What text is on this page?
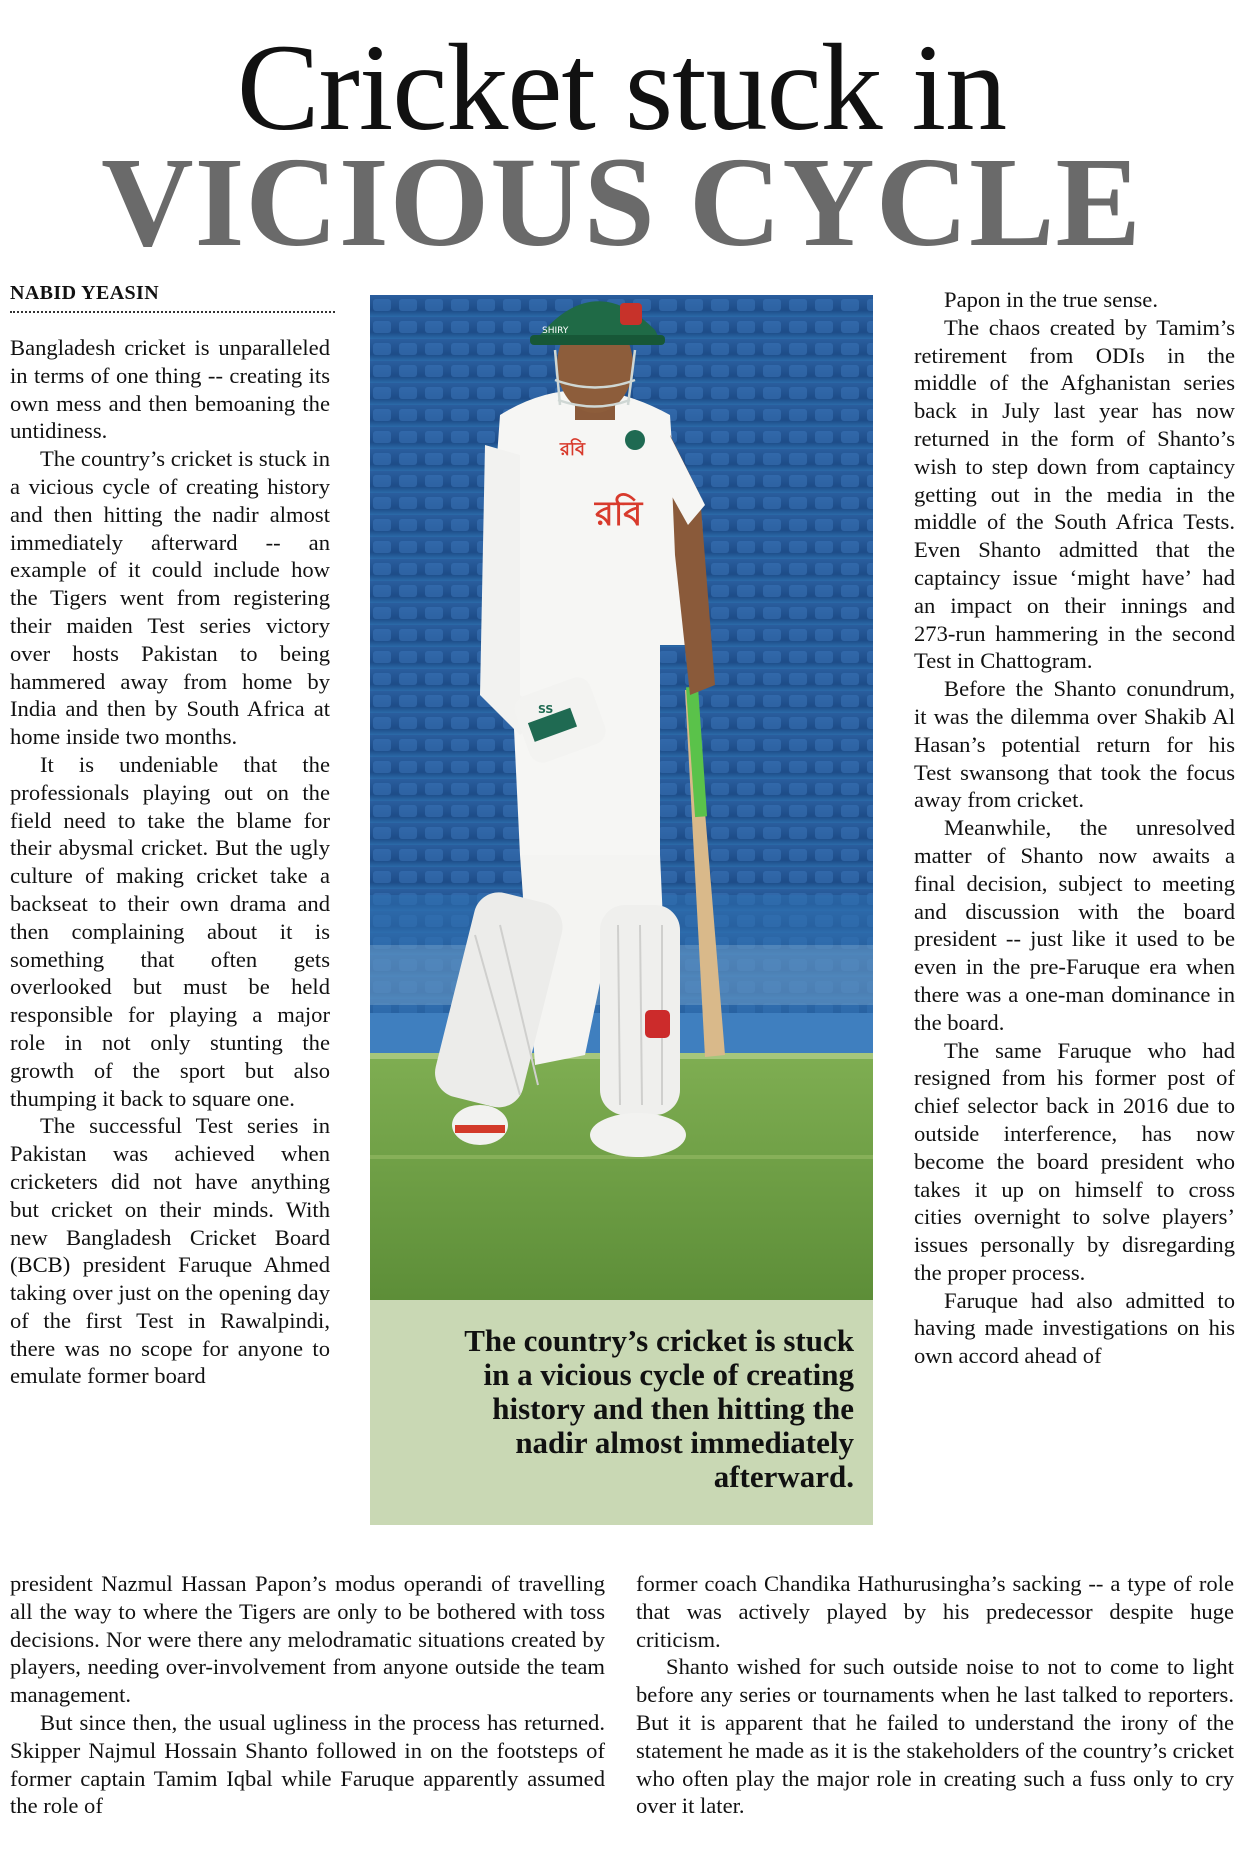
Cricket stuck in
VICIOUS CYCLE
NABID YEASIN

Bangladesh cricket is unparalleled in terms of one thing -- creating its own mess and then bemoaning the untidiness.

The country’s cricket is stuck in a vicious cycle of creating history and then hitting the nadir almost immediately afterward -- an example of it could include how the Tigers went from registering their maiden Test series victory over hosts Pakistan to being hammered away from home by India and then by South Africa at home inside two months.

It is undeniable that the professionals playing out on the field need to take the blame for their abysmal cricket. But the ugly culture of making cricket take a backseat to their own drama and then complaining about it is something that often gets overlooked but must be held responsible for playing a major role in not only stunting the growth of the sport but also thumping it back to square one.

The successful Test series in Pakistan was achieved when cricketers did not have anything but cricket on their minds. With new Bangladesh Cricket Board (BCB) president Faruque Ahmed taking over just on the opening day of the first Test in Rawalpindi, there was no scope for anyone to emulate former board

রবি
রবি
SHIRY
SS
The country’s cricket is stuck in a vicious cycle of creating history and then hitting the nadir almost immediately afterward.

Papon in the true sense.

The chaos created by Tamim’s retirement from ODIs in the middle of the Afghanistan series back in July last year has now returned in the form of Shanto’s wish to step down from captaincy getting out in the media in the middle of the South Africa Tests. Even Shanto admitted that the captaincy issue ‘might have’ had an impact on their innings and 273-run hammering in the second Test in Chattogram.

Before the Shanto conundrum, it was the dilemma over Shakib Al Hasan’s potential return for his Test swansong that took the focus away from cricket.

Meanwhile, the unresolved matter of Shanto now awaits a final decision, subject to meeting and discussion with the board president -- just like it used to be even in the pre-Faruque era when there was a one-man dominance in the board.

The same Faruque who had resigned from his former post of chief selector back in 2016 due to outside interference, has now become the board president who takes it up on himself to cross cities overnight to solve players’ issues personally by disregarding the proper process.

Faruque had also admitted to having made investigations on his own accord ahead of

president Nazmul Hassan Papon’s modus operandi of travelling all the way to where the Tigers are only to be bothered with toss decisions. Nor were there any melodramatic situations created by players, needing over-involvement from anyone outside the team management.

But since then, the usual ugliness in the process has returned. Skipper Najmul Hossain Shanto followed in on the footsteps of former captain Tamim Iqbal while Faruque apparently assumed the role of

former coach Chandika Hathurusingha’s sacking -- a type of role that was actively played by his predecessor despite huge criticism.

Shanto wished for such outside noise to not to come to light before any series or tournaments when he last talked to reporters. But it is apparent that he failed to understand the irony of the statement he made as it is the stakeholders of the country’s cricket who often play the major role in creating such a fuss only to cry over it later.
